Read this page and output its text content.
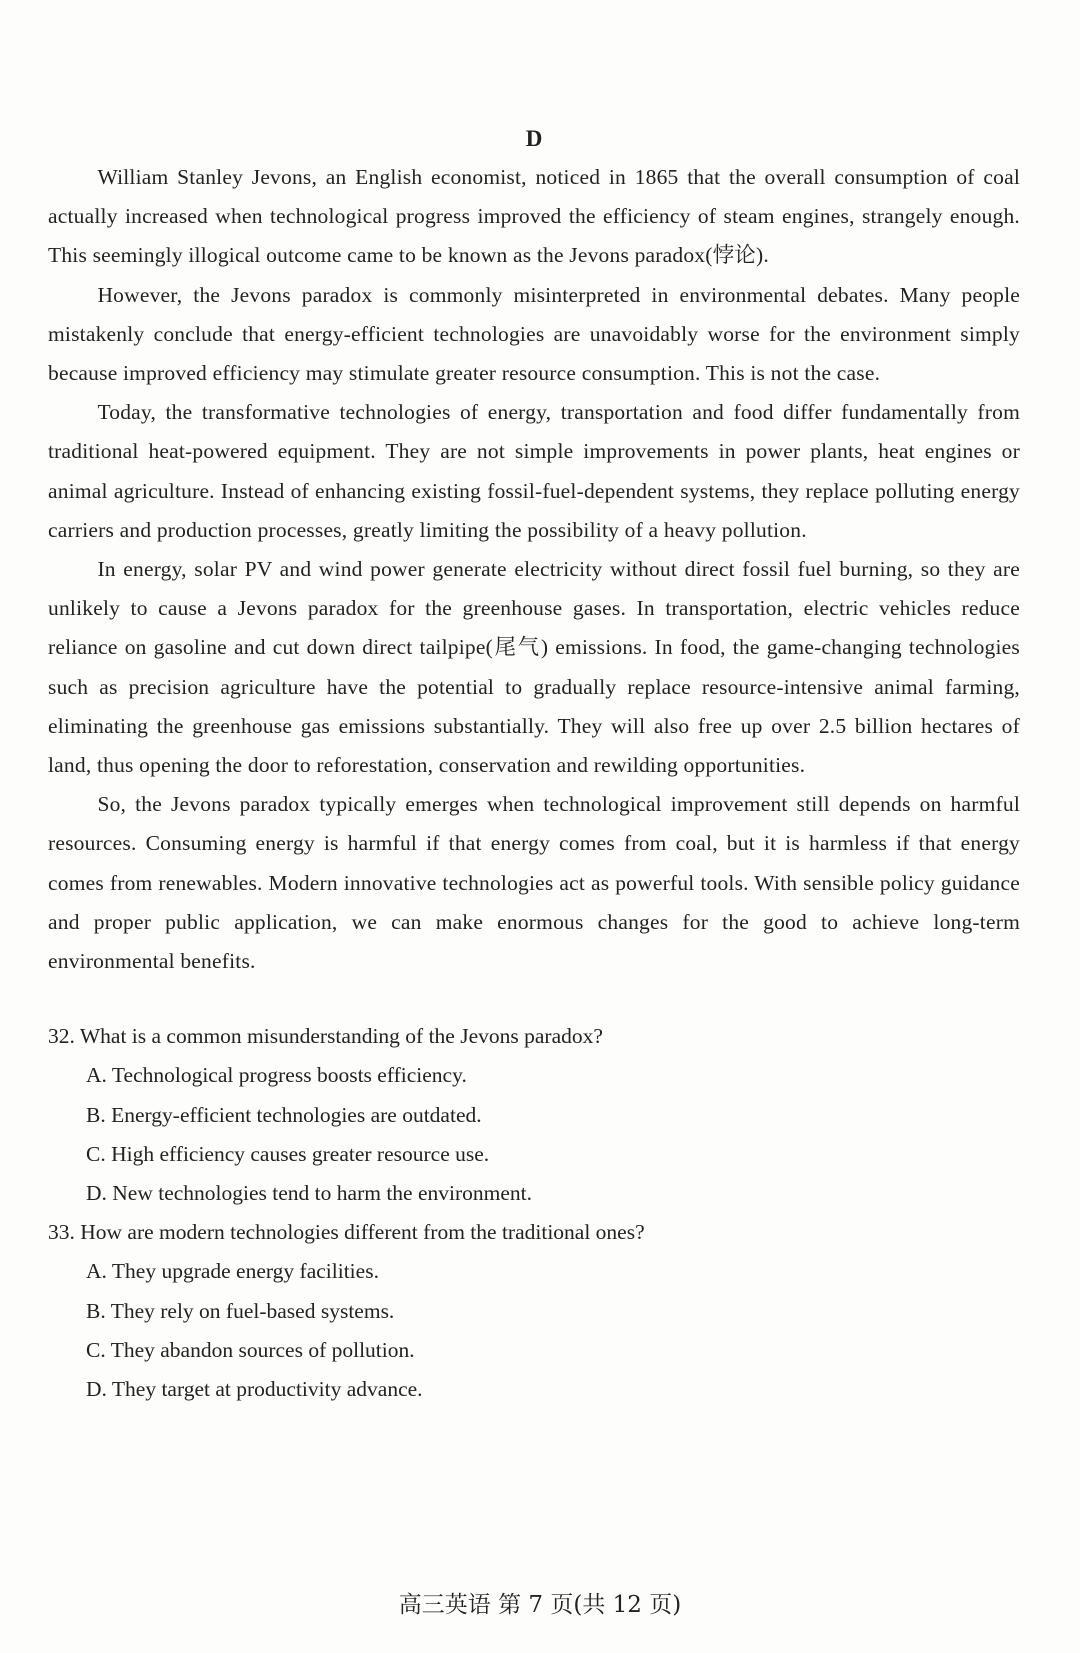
D

William Stanley Jevons, an English economist, noticed in 1865 that the overall consumption of coal actually increased when technological progress improved the efficiency of steam engines, strangely enough. This seemingly illogical outcome came to be known as the Jevons paradox(悖论).

However, the Jevons paradox is commonly misinterpreted in environmental debates. Many people mistakenly conclude that energy-efficient technologies are unavoidably worse for the environment simply because improved efficiency may stimulate greater resource consumption. This is not the case.

Today, the transformative technologies of energy, transportation and food differ fundamentally from traditional heat-powered equipment. They are not simple improvements in power plants, heat engines or animal agriculture. Instead of enhancing existing fossil-fuel-dependent systems, they replace polluting energy carriers and production processes, greatly limiting the possibility of a heavy pollution.

In energy, solar PV and wind power generate electricity without direct fossil fuel burning, so they are unlikely to cause a Jevons paradox for the greenhouse gases. In transportation, electric vehicles reduce reliance on gasoline and cut down direct tailpipe(尾气) emissions. In food, the game-changing technologies such as precision agriculture have the potential to gradually replace resource-intensive animal farming, eliminating the greenhouse gas emissions substantially. They will also free up over 2.5 billion hectares of land, thus opening the door to reforestation, conservation and rewilding opportunities.

So, the Jevons paradox typically emerges when technological improvement still depends on harmful resources. Consuming energy is harmful if that energy comes from coal, but it is harmless if that energy comes from renewables. Modern innovative technologies act as powerful tools. With sensible policy guidance and proper public application, we can make enormous changes for the good to achieve long-term environmental benefits.

32. What is a common misunderstanding of the Jevons paradox?

A. Technological progress boosts efficiency.

B. Energy-efficient technologies are outdated.

C. High efficiency causes greater resource use.

D. New technologies tend to harm the environment.

33. How are modern technologies different from the traditional ones?

A. They upgrade energy facilities.

B. They rely on fuel-based systems.

C. They abandon sources of pollution.

D. They target at productivity advance.

高三英语 第 7 页(共 12 页)
